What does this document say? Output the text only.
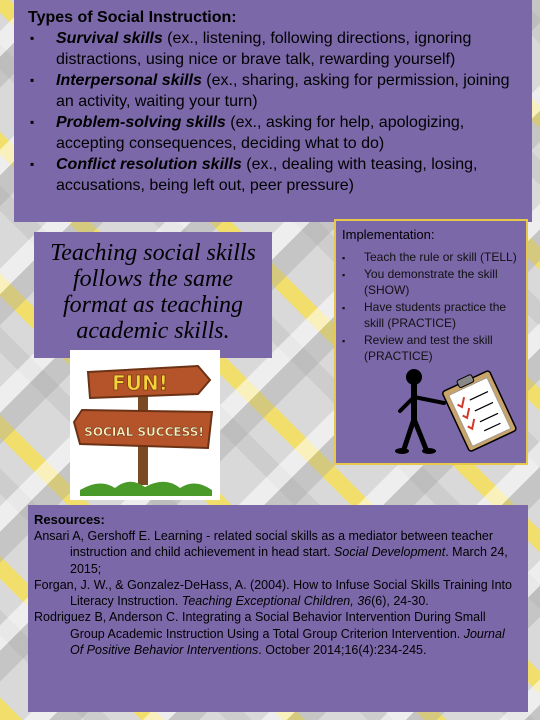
Types of Social Instruction:
▪ Survival skills (ex., listening, following directions, ignoring distractions, using nice or brave talk, rewarding yourself)
▪ Interpersonal skills (ex., sharing, asking for permission, joining an activity, waiting your turn)
▪ Problem-solving skills (ex., asking for help, apologizing, accepting consequences, deciding what to do)
▪ Conflict resolution skills (ex., dealing with teasing, losing, accusations, being left out, peer pressure)
Teaching social skills follows the same format as teaching academic skills.
FUN!
SOCIAL SUCCESS!
Implementation:
▪ Teach the rule or skill (TELL)
▪ You demonstrate the skill (SHOW)
▪ Have students practice the skill (PRACTICE)
▪ Review and test the skill (PRACTICE)
Resources:

Ansari A, Gershoff E. Learning - related social skills as a mediator between teacher instruction and child achievement in head start. Social Development. March 24, 2015;

Forgan, J. W., & Gonzalez-DeHass, A. (2004). How to Infuse Social Skills Training Into Literacy Instruction. Teaching Exceptional Children, 36(6), 24-30.

Rodriguez B, Anderson C. Integrating a Social Behavior Intervention During Small Group Academic Instruction Using a Total Group Criterion Intervention. Journal Of Positive Behavior Interventions. October 2014;16(4):234-245.
